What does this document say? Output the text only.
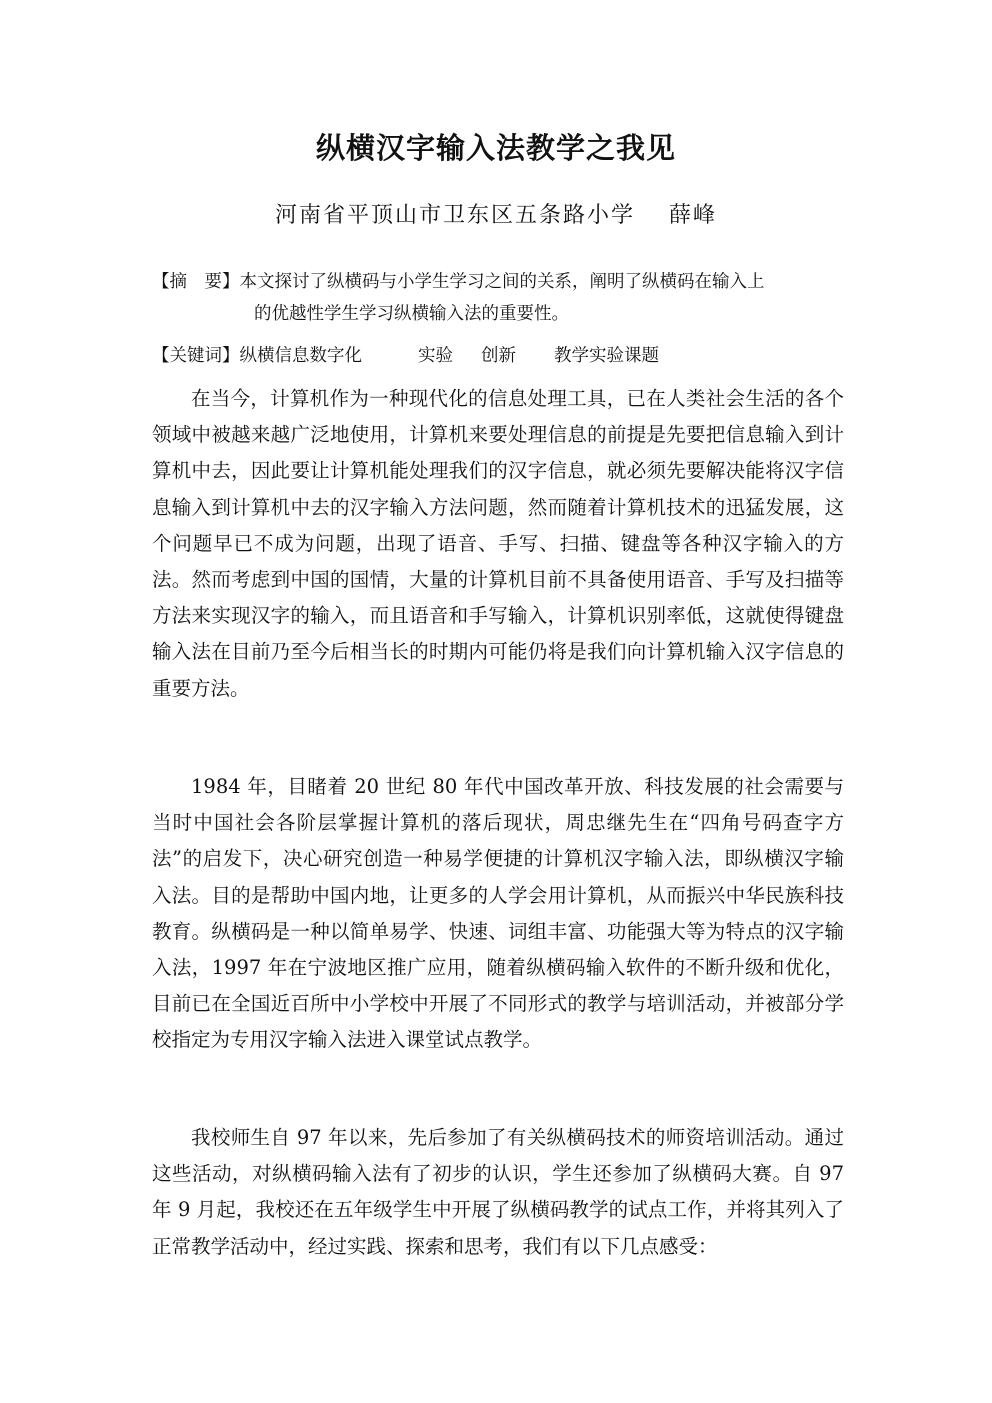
纵横汉字输入法教学之我见
河南省平顶山市卫东区五条路小学 薛峰
【摘　要】本文探讨了纵横码与小学生学习之间的关系，阐明了纵横码在输入上
的优越性学生学习纵横输入法的重要性。
【关键词】纵横信息数字化	实验 创新 教学实验课题

在当今，计算机作为一种现代化的信息处理工具，已在人类社会生活的各个领域中被越来越广泛地使用，计算机来要处理信息的前提是先要把信息输入到计算机中去，因此要让计算机能处理我们的汉字信息，就必须先要解决能将汉字信息输入到计算机中去的汉字输入方法问题，然而随着计算机技术的迅猛发展，这个问题早已不成为问题，出现了语音、手写、扫描、键盘等各种汉字输入的方法。然而考虑到中国的国情，大量的计算机目前不具备使用语音、手写及扫描等方法来实现汉字的输入，而且语音和手写输入，计算机识别率低，这就使得键盘输入法在目前乃至今后相当长的时期内可能仍将是我们向计算机输入汉字信息的重要方法。

1984 年，目睹着 20 世纪 80 年代中国改革开放、科技发展的社会需要与当时中国社会各阶层掌握计算机的落后现状，周忠继先生在“四角号码查字方法”的启发下，决心研究创造一种易学便捷的计算机汉字输入法，即纵横汉字输入法。目的是帮助中国内地，让更多的人学会用计算机，从而振兴中华民族科技教育。纵横码是一种以简单易学、快速、词组丰富、功能强大等为特点的汉字输入法，1997 年在宁波地区推广应用，随着纵横码输入软件的不断升级和优化，目前已在全国近百所中小学校中开展了不同形式的教学与培训活动，并被部分学校指定为专用汉字输入法进入课堂试点教学。

我校师生自 97 年以来，先后参加了有关纵横码技术的师资培训活动。通过这些活动，对纵横码输入法有了初步的认识，学生还参加了纵横码大赛。自 97 年 9 月起，我校还在五年级学生中开展了纵横码教学的试点工作，并将其列入了正常教学活动中，经过实践、探索和思考，我们有以下几点感受：
